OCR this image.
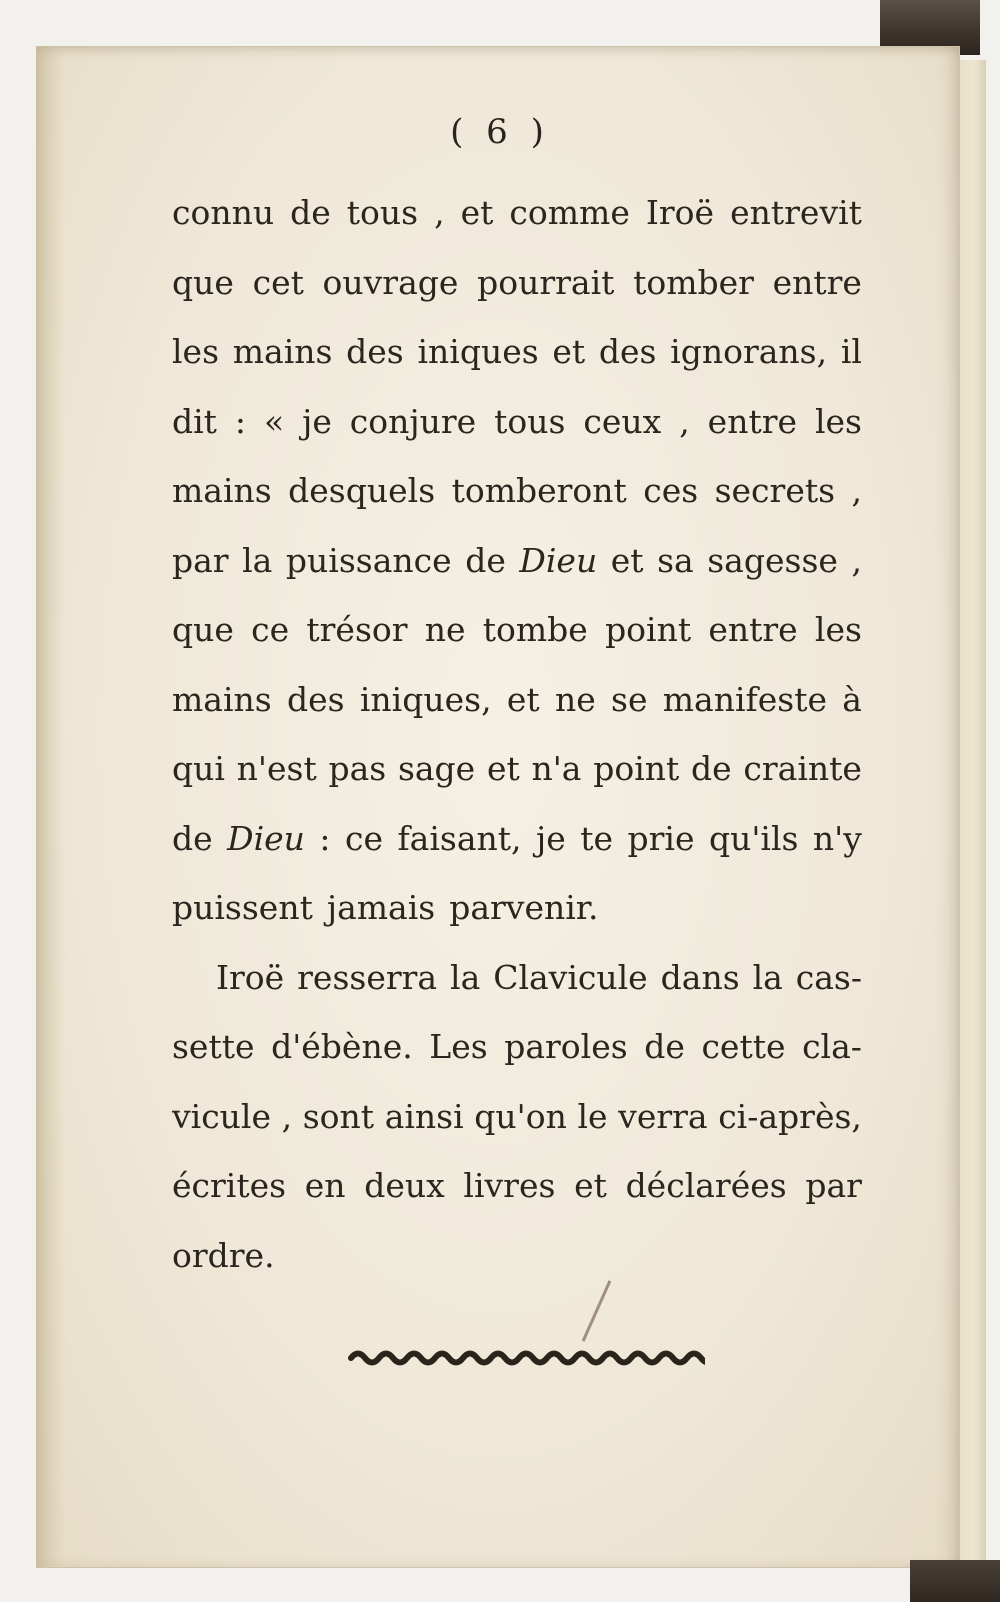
( 6 )
connu de tous , et comme Iroë entrevit
que cet ouvrage pourrait tomber entre
les mains des iniques et des ignorans, il
dit : « je conjure tous ceux , entre les
mains desquels tomberont ces secrets ,
par la puissance de Dieu et sa sagesse ,
que ce trésor ne tombe point entre les
mains des iniques, et ne se manifeste à
qui n'est pas sage et n'a point de crainte
de Dieu : ce faisant, je te prie qu'ils n'y
puissent jamais parvenir.
Iroë resserra la Clavicule dans la cas-
sette d'ébène. Les paroles de cette cla-
vicule , sont ainsi qu'on le verra ci-après,
écrites en deux livres et déclarées par
ordre.
